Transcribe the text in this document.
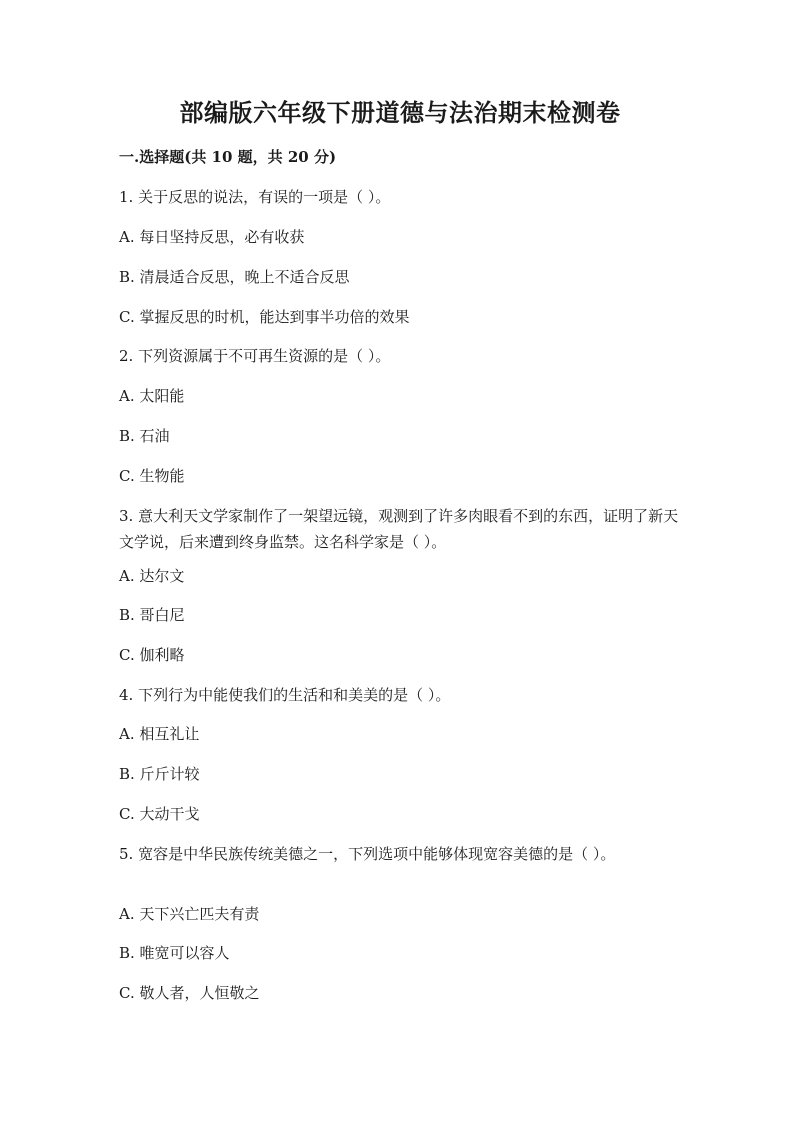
部编版六年级下册道德与法治期末检测卷
一.选择题(共 10 题，共 20 分)
1. 关于反思的说法，有误的一项是（ ）。
A. 每日坚持反思，必有收获
B. 清晨适合反思，晚上不适合反思
C. 掌握反思的时机，能达到事半功倍的效果
2. 下列资源属于不可再生资源的是（ ）。
A. 太阳能
B. 石油
C. 生物能
3. 意大利天文学家制作了一架望远镜，观测到了许多肉眼看不到的东西，证明了新天文学说，后来遭到终身监禁。这名科学家是（ ）。
A. 达尔文
B. 哥白尼
C. 伽利略
4. 下列行为中能使我们的生活和和美美的是（ ）。
A. 相互礼让
B. 斤斤计较
C. 大动干戈
5. 宽容是中华民族传统美德之一，下列选项中能够体现宽容美德的是（ ）。
A. 天下兴亡匹夫有责
B. 唯宽可以容人
C. 敬人者，人恒敬之
